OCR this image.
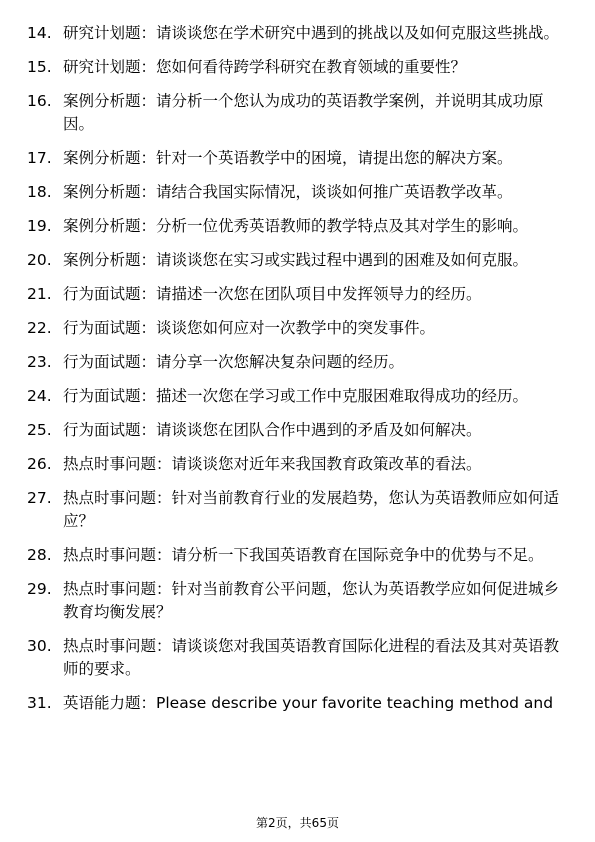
14. 研究计划题：请谈谈您在学术研究中遇到的挑战以及如何克服这些挑战。
15. 研究计划题：您如何看待跨学科研究在教育领域的重要性？
16. 案例分析题：请分析一个您认为成功的英语教学案例，并说明其成功原因。
17. 案例分析题：针对一个英语教学中的困境，请提出您的解决方案。
18. 案例分析题：请结合我国实际情况，谈谈如何推广英语教学改革。
19. 案例分析题：分析一位优秀英语教师的教学特点及其对学生的影响。
20. 案例分析题：请谈谈您在实习或实践过程中遇到的困难及如何克服。
21. 行为面试题：请描述一次您在团队项目中发挥领导力的经历。
22. 行为面试题：谈谈您如何应对一次教学中的突发事件。
23. 行为面试题：请分享一次您解决复杂问题的经历。
24. 行为面试题：描述一次您在学习或工作中克服困难取得成功的经历。
25. 行为面试题：请谈谈您在团队合作中遇到的矛盾及如何解决。
26. 热点时事问题：请谈谈您对近年来我国教育政策改革的看法。
27. 热点时事问题：针对当前教育行业的发展趋势，您认为英语教师应如何适应？
28. 热点时事问题：请分析一下我国英语教育在国际竞争中的优势与不足。
29. 热点时事问题：针对当前教育公平问题，您认为英语教学应如何促进城乡教育均衡发展？
30. 热点时事问题：请谈谈您对我国英语教育国际化进程的看法及其对英语教师的要求。
31. 英语能力题：Please describe your favorite teaching method and
第2页，共65页
